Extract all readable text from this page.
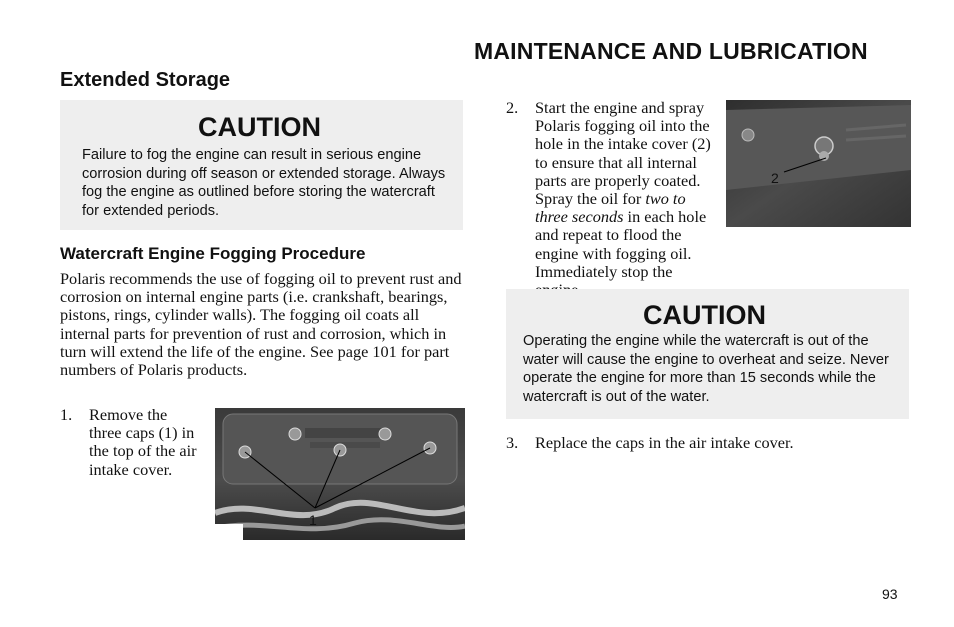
MAINTENANCE AND LUBRICATION
Extended Storage

CAUTION

Failure to fog the engine can result in serious engine corrosion during off season or extended storage. Always fog the engine as outlined before storing the watercraft for extended periods.

Watercraft Engine Fogging Procedure

Polaris recommends the use of fogging oil to prevent rust and corrosion on internal engine parts (i.e. crankshaft, bearings, pistons, rings, cylinder walls). The fogging oil coats all internal parts for prevention of rust and corrosion, which in turn will extend the life of the engine. See page 101 for part numbers of Polaris products.

1. Remove the three caps (1) in the top of the air intake cover.

1
2. Start the engine and spray Polaris fogging oil into the hole in the intake cover (2) to ensure that all internal parts are properly coated. Spray the oil for two to three seconds in each hole and repeat to flood the engine with fogging oil. Immediately stop the

2

CAUTION

Operating the engine while the watercraft is out of the water will cause the engine to overheat and seize. Never operate the engine for more than 15 seconds while the watercraft is out of the water.

3. Replace the caps in the air intake cover.

93
